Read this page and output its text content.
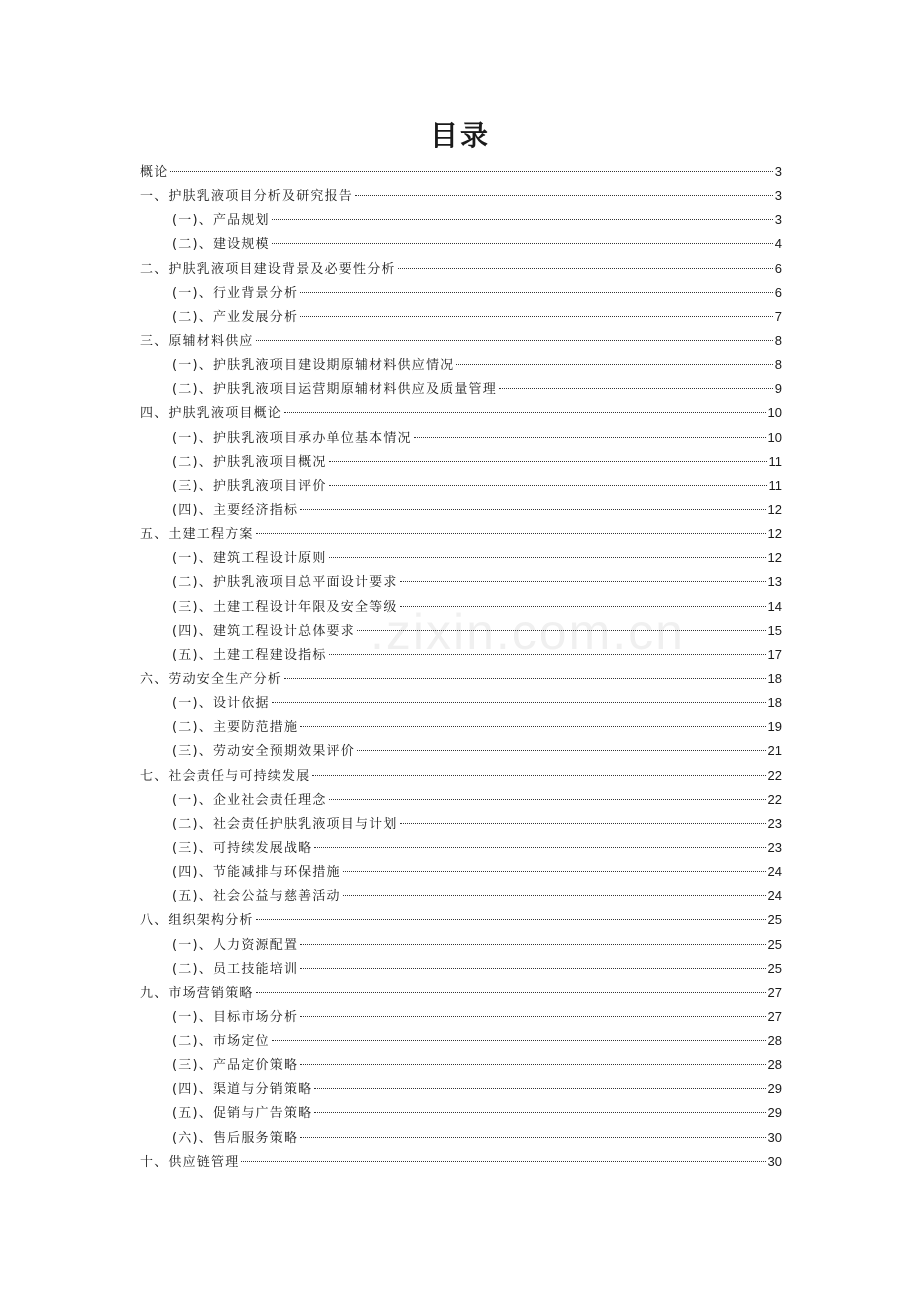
目录
概论	3
一、护肤乳液项目分析及研究报告	3
(一)、产品规划	3
(二)、建设规模	4
二、护肤乳液项目建设背景及必要性分析	6
(一)、行业背景分析	6
(二)、产业发展分析	7
三、原辅材料供应	8
(一)、护肤乳液项目建设期原辅材料供应情况	8
(二)、护肤乳液项目运营期原辅材料供应及质量管理	9
四、护肤乳液项目概论	10
(一)、护肤乳液项目承办单位基本情况	10
(二)、护肤乳液项目概况	11
(三)、护肤乳液项目评价	11
(四)、主要经济指标	12
五、土建工程方案	12
(一)、建筑工程设计原则	12
(二)、护肤乳液项目总平面设计要求	13
(三)、土建工程设计年限及安全等级	14
(四)、建筑工程设计总体要求	15
(五)、土建工程建设指标	17
六、劳动安全生产分析	18
(一)、设计依据	18
(二)、主要防范措施	19
(三)、劳动安全预期效果评价	21
七、社会责任与可持续发展	22
(一)、企业社会责任理念	22
(二)、社会责任护肤乳液项目与计划	23
(三)、可持续发展战略	23
(四)、节能减排与环保措施	24
(五)、社会公益与慈善活动	24
八、组织架构分析	25
(一)、人力资源配置	25
(二)、员工技能培训	25
九、市场营销策略	27
(一)、目标市场分析	27
(二)、市场定位	28
(三)、产品定价策略	28
(四)、渠道与分销策略	29
(五)、促销与广告策略	29
(六)、售后服务策略	30
十、供应链管理	30
.zixin.com.cn
